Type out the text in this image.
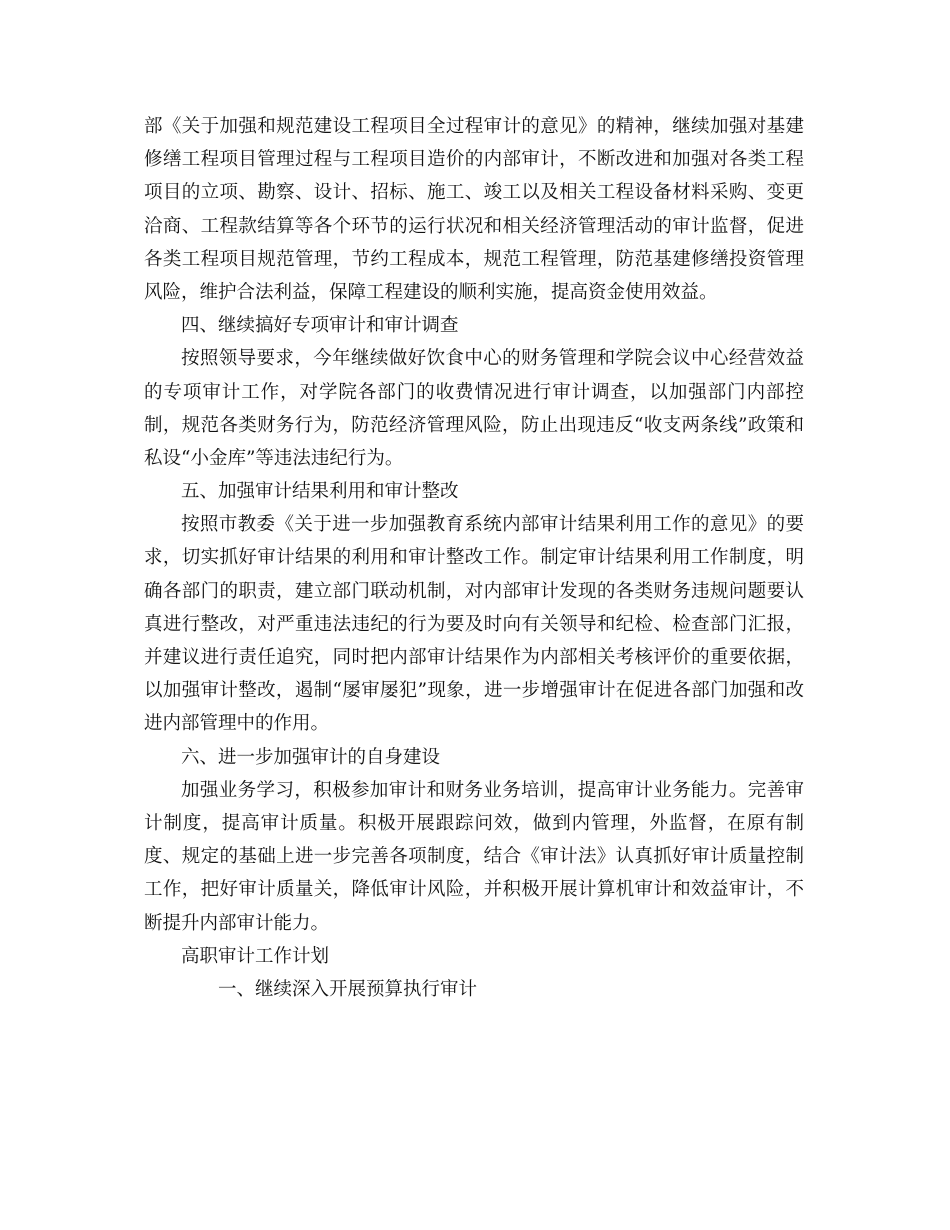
部《关于加强和规范建设工程项目全过程审计的意见》的精神，继续加强对基建
修缮工程项目管理过程与工程项目造价的内部审计，不断改进和加强对各类工程
项目的立项、勘察、设计、招标、施工、竣工以及相关工程设备材料采购、变更
洽商、工程款结算等各个环节的运行状况和相关经济管理活动的审计监督，促进
各类工程项目规范管理，节约工程成本，规范工程管理，防范基建修缮投资管理
风险，维护合法利益，保障工程建设的顺利实施，提高资金使用效益。
四、继续搞好专项审计和审计调查
按照领导要求，今年继续做好饮食中心的财务管理和学院会议中心经营效益
的专项审计工作，对学院各部门的收费情况进行审计调查，以加强部门内部控
制，规范各类财务行为，防范经济管理风险，防止出现违反“收支两条线”政策和
私设“小金库”等违法违纪行为。
五、加强审计结果利用和审计整改
按照市教委《关于进一步加强教育系统内部审计结果利用工作的意见》的要
求，切实抓好审计结果的利用和审计整改工作。制定审计结果利用工作制度，明
确各部门的职责，建立部门联动机制，对内部审计发现的各类财务违规问题要认
真进行整改，对严重违法违纪的行为要及时向有关领导和纪检、检查部门汇报，
并建议进行责任追究，同时把内部审计结果作为内部相关考核评价的重要依据，
以加强审计整改，遏制“屡审屡犯”现象，进一步增强审计在促进各部门加强和改
进内部管理中的作用。
六、进一步加强审计的自身建设
加强业务学习，积极参加审计和财务业务培训，提高审计业务能力。完善审
计制度，提高审计质量。积极开展跟踪问效，做到内管理，外监督，在原有制
度、规定的基础上进一步完善各项制度，结合《审计法》认真抓好审计质量控制
工作，把好审计质量关，降低审计风险，并积极开展计算机审计和效益审计，不
断提升内部审计能力。
高职审计工作计划
一、继续深入开展预算执行审计
